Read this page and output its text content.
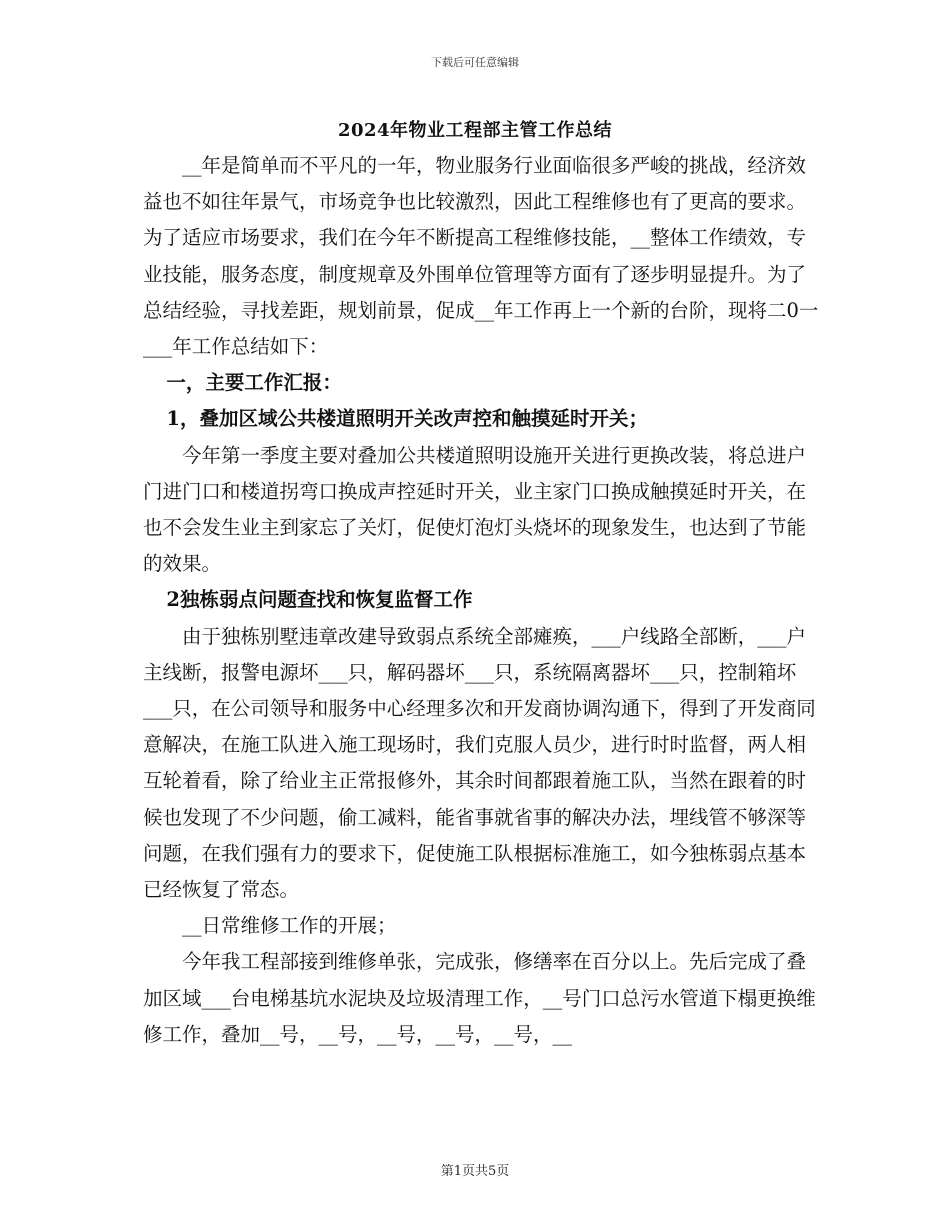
下载后可任意编辑
2024年物业工程部主管工作总结

__年是简单而不平凡的一年，物业服务行业面临很多严峻的挑战，经济效益也不如往年景气，市场竞争也比较激烈，因此工程维修也有了更高的要求。为了适应市场要求，我们在今年不断提高工程维修技能，__整体工作绩效，专业技能，服务态度，制度规章及外围单位管理等方面有了逐步明显提升。为了总结经验，寻找差距，规划前景，促成__年工作再上一个新的台阶，现将二0一___年工作总结如下：

一，主要工作汇报：

1，叠加区域公共楼道照明开关改声控和触摸延时开关；

今年第一季度主要对叠加公共楼道照明设施开关进行更换改装，将总进户门进门口和楼道拐弯口换成声控延时开关，业主家门口换成触摸延时开关，在也不会发生业主到家忘了关灯，促使灯泡灯头烧坏的现象发生，也达到了节能的效果。

2独栋弱点问题查找和恢复监督工作

由于独栋别墅违章改建导致弱点系统全部瘫痪，___户线路全部断，___户主线断，报警电源坏___只，解码器坏___只，系统隔离器坏___只，控制箱坏___只，在公司领导和服务中心经理多次和开发商协调沟通下，得到了开发商同意解决，在施工队进入施工现场时，我们克服人员少，进行时时监督，两人相互轮着看，除了给业主正常报修外，其余时间都跟着施工队，当然在跟着的时候也发现了不少问题，偷工减料，能省事就省事的解决办法，埋线管不够深等问题，在我们强有力的要求下，促使施工队根据标准施工，如今独栋弱点基本已经恢复了常态。

__日常维修工作的开展；

今年我工程部接到维修单张，完成张，修缮率在百分以上。先后完成了叠加区域___台电梯基坑水泥块及垃圾清理工作，__号门口总污水管道下榻更换维修工作，叠加__号，__号，__号，__号，__号，__

第1页共5页
